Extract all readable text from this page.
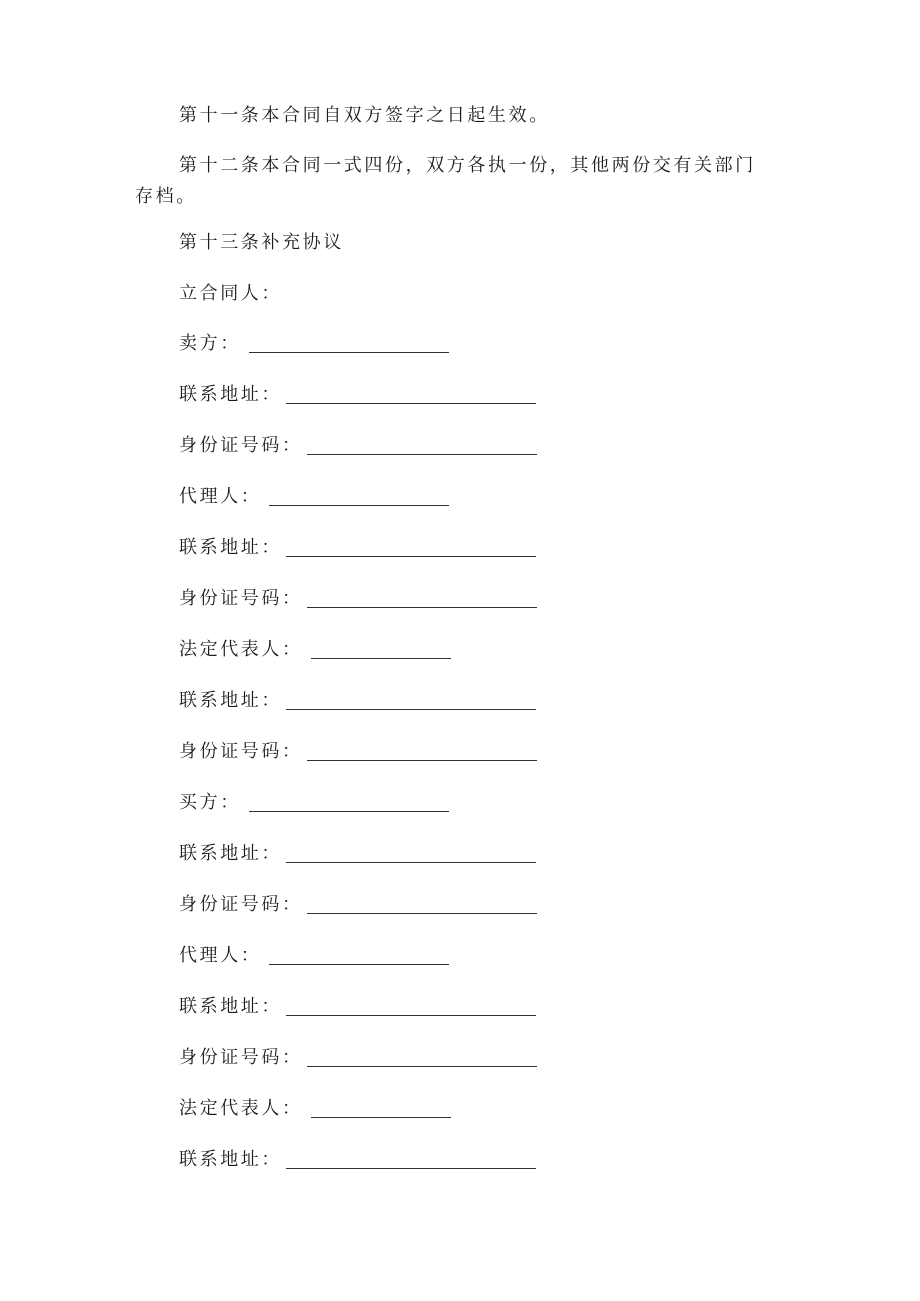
第十一条本合同自双方签字之日起生效。

第十二条本合同一式四份，双方各执一份，其他两份交有关部门存档。

第十三条补充协议

立合同人：

卖方：
联系地址：
身份证号码：
代理人：
联系地址：
身份证号码：
法定代表人：
联系地址：
身份证号码：
买方：
联系地址：
身份证号码：
代理人：
联系地址：
身份证号码：
法定代表人：
联系地址：
